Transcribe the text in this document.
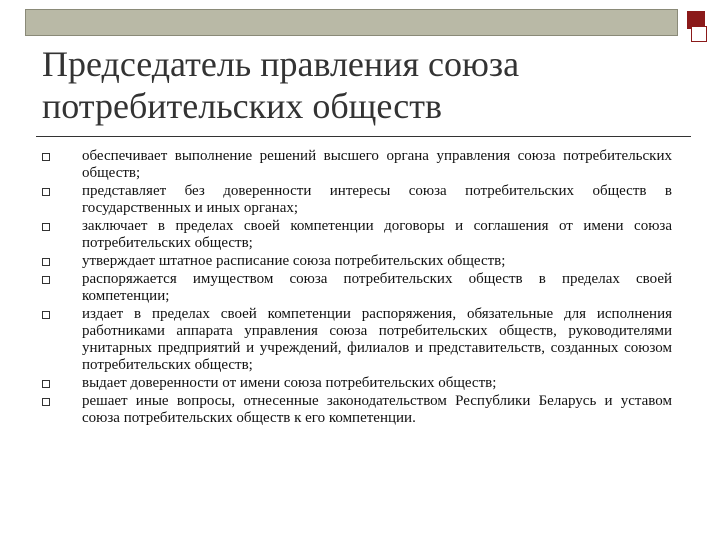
Председатель правления союза потребительских обществ
обеспечивает выполнение решений высшего органа управления союза потребительских обществ;
представляет без доверенности интересы союза потребительских обществ в государственных и иных органах;
заключает в пределах своей компетенции договоры и соглашения от имени союза потребительских обществ;
утверждает штатное расписание союза потребительских обществ;
распоряжается имуществом союза потребительских обществ в пределах своей компетенции;
издает в пределах своей компетенции распоряжения, обязательные для исполнения работниками аппарата управления союза потребительских обществ, руководителями унитарных предприятий и учреждений, филиалов и представительств, созданных союзом потребительских обществ;
выдает доверенности от имени союза потребительских обществ;
решает иные вопросы, отнесенные законодательством Республики Беларусь и уставом союза потребительских обществ к его компетенции.
